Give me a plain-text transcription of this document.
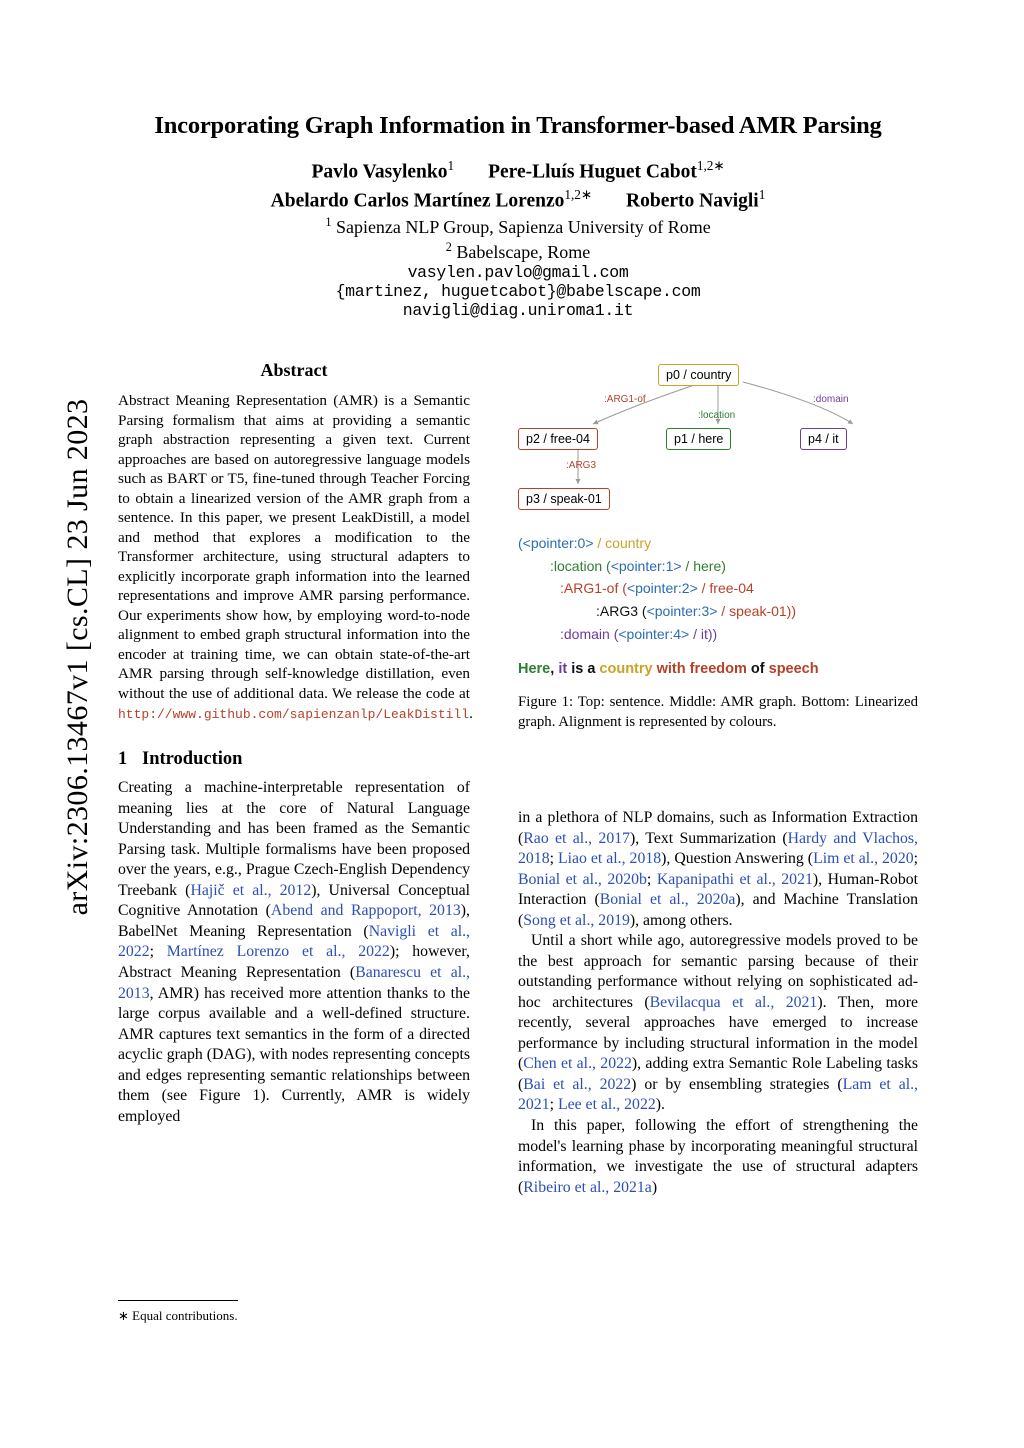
arXiv:2306.13467v1 [cs.CL] 23 Jun 2023
Incorporating Graph Information in Transformer-based AMR Parsing
Pavlo Vasylenko$^1$ Pere-Lluís Huguet Cabot$^{1,2∗}$
Abelardo Carlos Martínez Lorenzo$^{1,2∗}$ Roberto Navigli$^1$
$^1$ Sapienza NLP Group, Sapienza University of Rome
$^2$ Babelscape, Rome
vasylen.pavlo@gmail.com
{martinez, huguetcabot}@babelscape.com
navigli@diag.uniroma1.it
Abstract
Abstract Meaning Representation (AMR) is a Semantic Parsing formalism that aims at providing a semantic graph abstraction representing a given text. Current approaches are based on autoregressive language models such as BART or T5, fine-tuned through Teacher Forcing to obtain a linearized version of the AMR graph from a sentence. In this paper, we present LeakDistill, a model and method that explores a modification to the Transformer architecture, using structural adapters to explicitly incorporate graph information into the learned representations and improve AMR parsing performance. Our experiments show how, by employing word-to-node alignment to embed graph structural information into the encoder at training time, we can obtain state-of-the-art AMR parsing through self-knowledge distillation, even without the use of additional data. We release the code at http://www.github.com/sapienzanlp/LeakDistill.
1 Introduction

Creating a machine-interpretable representation of meaning lies at the core of Natural Language Understanding and has been framed as the Semantic Parsing task. Multiple formalisms have been proposed over the years, e.g., Prague Czech-English Dependency Treebank (Hajič et al., 2012), Universal Conceptual Cognitive Annotation (Abend and Rappoport, 2013), BabelNet Meaning Representation (Navigli et al., 2022; Martínez Lorenzo et al., 2022); however, Abstract Meaning Representation (Banarescu et al., 2013, AMR) has received more attention thanks to the large corpus available and a well-defined structure. AMR captures text semantics in the form of a directed acyclic graph (DAG), with nodes representing concepts and edges representing semantic relationships between them (see Figure 1). Currently, AMR is widely employed

∗ Equal contributions.
p0 / country
p2 / free-04	p1 / here	p4 / it
p3 / speak-01
:ARG1-of
:location
:domain
:ARG3
(<pointer:0> / country
:location (<pointer:1> / here)
:ARG1-of (<pointer:2> / free-04
:ARG3 (<pointer:3> / speak-01))
:domain (<pointer:4> / it))
Here, it is a country with freedom of speech
Figure 1: Top: sentence. Middle: AMR graph. Bottom: Linearized graph. Alignment is represented by colours.

in a plethora of NLP domains, such as Information Extraction (Rao et al., 2017), Text Summarization (Hardy and Vlachos, 2018; Liao et al., 2018), Question Answering (Lim et al., 2020; Bonial et al., 2020b; Kapanipathi et al., 2021), Human-Robot Interaction (Bonial et al., 2020a), and Machine Translation (Song et al., 2019), among others.

Until a short while ago, autoregressive models proved to be the best approach for semantic parsing because of their outstanding performance without relying on sophisticated ad-hoc architectures (Bevilacqua et al., 2021). Then, more recently, several approaches have emerged to increase performance by including structural information in the model (Chen et al., 2022), adding extra Semantic Role Labeling tasks (Bai et al., 2022) or by ensembling strategies (Lam et al., 2021; Lee et al., 2022).

In this paper, following the effort of strengthening the model's learning phase by incorporating meaningful structural information, we investigate the use of structural adapters (Ribeiro et al., 2021a)
